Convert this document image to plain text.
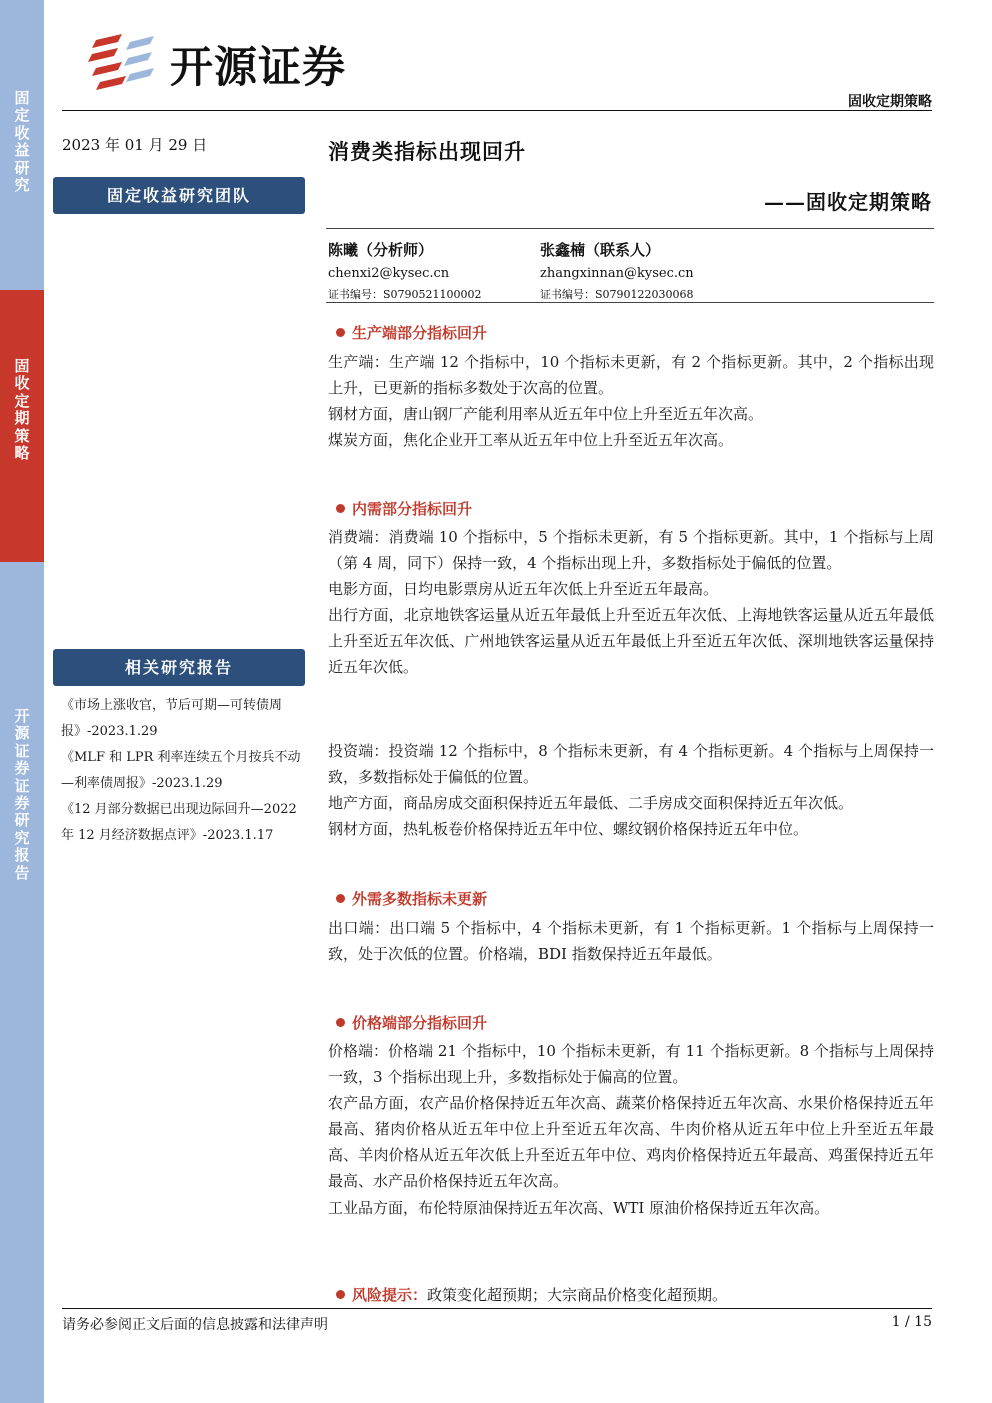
固定收益研究
固收定期策略
开源证券 证券研究报告
开源证券
固收定期策略
2023 年 01 月 29 日	消费类指标出现回升
——固收定期策略
固定收益研究团队
陈曦（分析师）
chenxi2@kysec.cn
证书编号：S0790521100002
张鑫楠（联系人）
zhangxinnan@kysec.cn
证书编号：S0790122030068
相关研究报告
《市场上涨收官，节后可期—可转债周报》-2023.1.29
《MLF 和 LPR 利率连续五个月按兵不动—利率债周报》-2023.1.29
《12 月部分数据已出现边际回升—2022 年 12 月经济数据点评》-2023.1.17
生产端部分指标回升
生产端：生产端 12 个指标中，10 个指标未更新，有 2 个指标更新。其中，2 个指标出现上升，已更新的指标多数处于次高的位置。
钢材方面，唐山钢厂产能利用率从近五年中位上升至近五年次高。
煤炭方面，焦化企业开工率从近五年中位上升至近五年次高。
内需部分指标回升
消费端：消费端 10 个指标中，5 个指标未更新，有 5 个指标更新。其中，1 个指标与上周（第 4 周，同下）保持一致，4 个指标出现上升，多数指标处于偏低的位置。
电影方面，日均电影票房从近五年次低上升至近五年最高。
出行方面，北京地铁客运量从近五年最低上升至近五年次低、上海地铁客运量从近五年最低上升至近五年次低、广州地铁客运量从近五年最低上升至近五年次低、深圳地铁客运量保持近五年次低。
投资端：投资端 12 个指标中，8 个指标未更新，有 4 个指标更新。4 个指标与上周保持一致，多数指标处于偏低的位置。
地产方面，商品房成交面积保持近五年最低、二手房成交面积保持近五年次低。
钢材方面，热轧板卷价格保持近五年中位、螺纹钢价格保持近五年中位。
外需多数指标未更新
出口端：出口端 5 个指标中，4 个指标未更新，有 1 个指标更新。1 个指标与上周保持一致，处于次低的位置。价格端，BDI 指数保持近五年最低。
价格端部分指标回升
价格端：价格端 21 个指标中，10 个指标未更新，有 11 个指标更新。8 个指标与上周保持一致，3 个指标出现上升，多数指标处于偏高的位置。
农产品方面，农产品价格保持近五年次高、蔬菜价格保持近五年次高、水果价格保持近五年最高、猪肉价格从近五年中位上升至近五年次高、牛肉价格从近五年中位上升至近五年最高、羊肉价格从近五年次低上升至近五年中位、鸡肉价格保持近五年最高、鸡蛋保持近五年最高、水产品价格保持近五年次高。
工业品方面，布伦特原油保持近五年次高、WTI 原油价格保持近五年次高。
风险提示：政策变化超预期；大宗商品价格变化超预期。
请务必参阅正文后面的信息披露和法律声明	1 / 15
